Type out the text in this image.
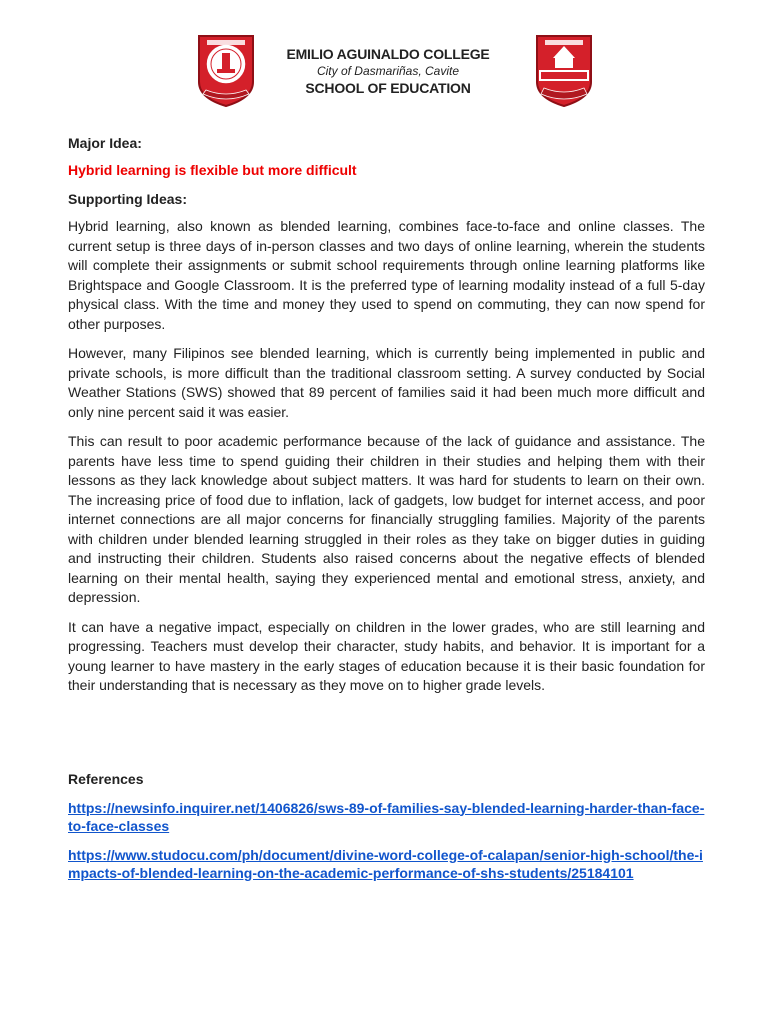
EMILIO AGUINALDO COLLEGE
City of Dasmariñas, Cavite
SCHOOL OF EDUCATION

Major Idea:

Hybrid learning is flexible but more difficult

Supporting Ideas:

Hybrid learning, also known as blended learning, combines face-to-face and online classes. The current setup is three days of in-person classes and two days of online learning, wherein the students will complete their assignments or submit school requirements through online learning platforms like Brightspace and Google Classroom. It is the preferred type of learning modality instead of a full 5-day physical class. With the time and money they used to spend on commuting, they can now spend for other purposes.

However, many Filipinos see blended learning, which is currently being implemented in public and private schools, is more difficult than the traditional classroom setting. A survey conducted by Social Weather Stations (SWS) showed that 89 percent of families said it had been much more difficult and only nine percent said it was easier.

This can result to poor academic performance because of the lack of guidance and assistance. The parents have less time to spend guiding their children in their studies and helping them with their lessons as they lack knowledge about subject matters. It was hard for students to learn on their own. The increasing price of food due to inflation, lack of gadgets, low budget for internet access, and poor internet connections are all major concerns for financially struggling families. Majority of the parents with children under blended learning struggled in their roles as they take on bigger duties in guiding and instructing their children. Students also raised concerns about the negative effects of blended learning on their mental health, saying they experienced mental and emotional stress, anxiety, and depression.

It can have a negative impact, especially on children in the lower grades, who are still learning and progressing. Teachers must develop their character, study habits, and behavior. It is important for a young learner to have mastery in the early stages of education because it is their basic foundation for their understanding that is necessary as they move on to higher grade levels.

References

https://newsinfo.inquirer.net/1406826/sws-89-of-families-say-blended-learning-harder-than-face-to-face-classes
https://www.studocu.com/ph/document/divine-word-college-of-calapan/senior-high-school/the-impacts-of-blended-learning-on-the-academic-performance-of-shs-students/25184101
